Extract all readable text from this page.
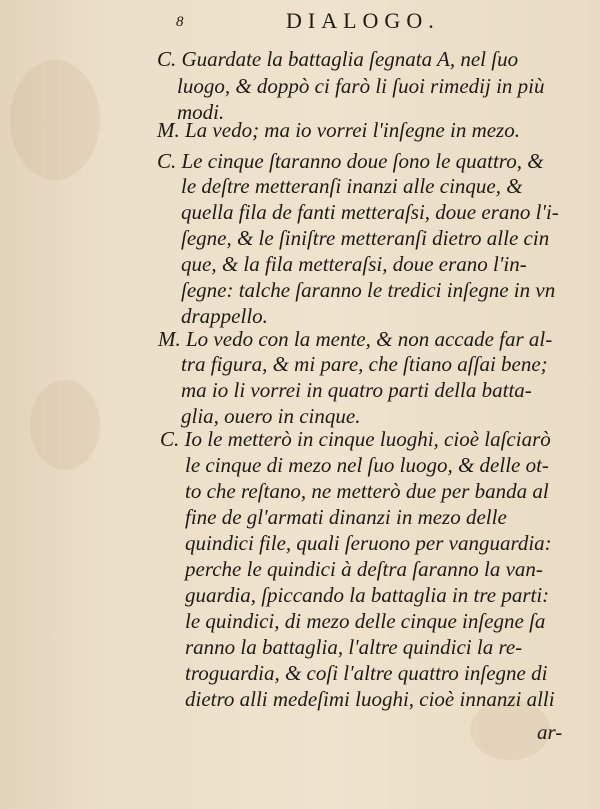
8	DIALOGO.
C. Guardate la battaglia ſegnata A, nel ſuo
luogo, & doppò ci farò li ſuoi rimedij in più
modi.
M. La vedo; ma io vorrei l'inſegne in mezo.
C. Le cinque ſtaranno doue ſono le quattro, &
le deſtre metteranſi inanzi alle cinque, &
quella fila de fanti metteraſsi, doue erano l'i-
ſegne, & le ſiniſtre metteranſi dietro alle cin
que, & la fila metteraſsi, doue erano l'in-
ſegne: talche ſaranno le tredici inſegne in vn
drappello.
M. Lo vedo con la mente, & non accade far al-
tra figura, & mi pare, che ſtiano aſſai bene;
ma io li vorrei in quatro parti della batta-
glia, ouero in cinque.
C. Io le metterò in cinque luoghi, cioè laſciarò
le cinque di mezo nel ſuo luogo, & delle ot-
to che reſtano, ne metterò due per banda al
fine de gl'armati dinanzi in mezo delle
quindici file, quali ſeruono per vanguardia:
perche le quindici à deſtra ſaranno la van-
guardia, ſpiccando la battaglia in tre parti:
le quindici, di mezo delle cinque inſegne ſa
ranno la battaglia, l'altre quindici la re-
troguardia, & coſi l'altre quattro inſegne di
dietro alli medeſimi luoghi, cioè innanzi alli
ar-
